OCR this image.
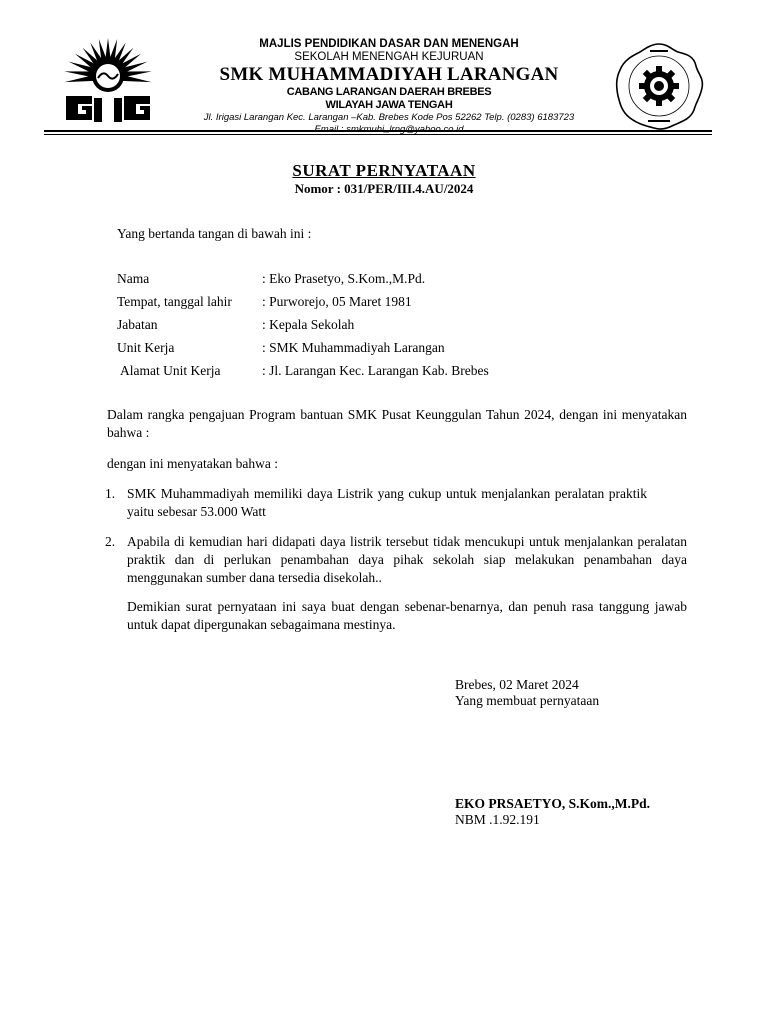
MAJLIS PENDIDIKAN DASAR DAN MENENGAH
SEKOLAH MENENGAH KEJURUAN
SMK MUHAMMADIYAH LARANGAN
CABANG LARANGAN DAERAH BREBES
WILAYAH JAWA TENGAH
Jl. Irigasi Larangan Kec. Larangan –Kab. Brebes Kode Pos 52262 Telp. (0283) 6183723
SURAT PERNYATAAN
Nomor : 031/PER/III.4.AU/2024
Yang bertanda tangan di bawah ini :
Nama	: Eko Prasetyo, S.Kom.,M.Pd.
Tempat, tanggal lahir	: Purworejo, 05 Maret 1981
Jabatan	: Kepala Sekolah
Unit Kerja	: SMK Muhammadiyah Larangan
Alamat Unit Kerja	: Jl. Larangan Kec. Larangan Kab. Brebes
Dalam rangka pengajuan Program bantuan SMK Pusat Keunggulan Tahun 2024, dengan ini menyatakan bahwa :
dengan ini menyatakan bahwa :
1. SMK Muhammadiyah memiliki daya Listrik yang cukup untuk menjalankan peralatan praktik yaitu sebesar 53.000 Watt
2. Apabila di kemudian hari didapati daya listrik tersebut tidak mencukupi untuk menjalankan peralatan praktik dan di perlukan penambahan daya pihak sekolah siap melakukan penambahan daya menggunakan sumber dana tersedia disekolah..
Demikian surat pernyataan ini saya buat dengan sebenar-benarnya, dan penuh rasa tanggung jawab untuk dapat dipergunakan sebagaimana mestinya.
Brebes, 02 Maret 2024
Yang membuat pernyataan
EKO PRSAETYO, S.Kom.,M.Pd.
NBM .1.92.191
